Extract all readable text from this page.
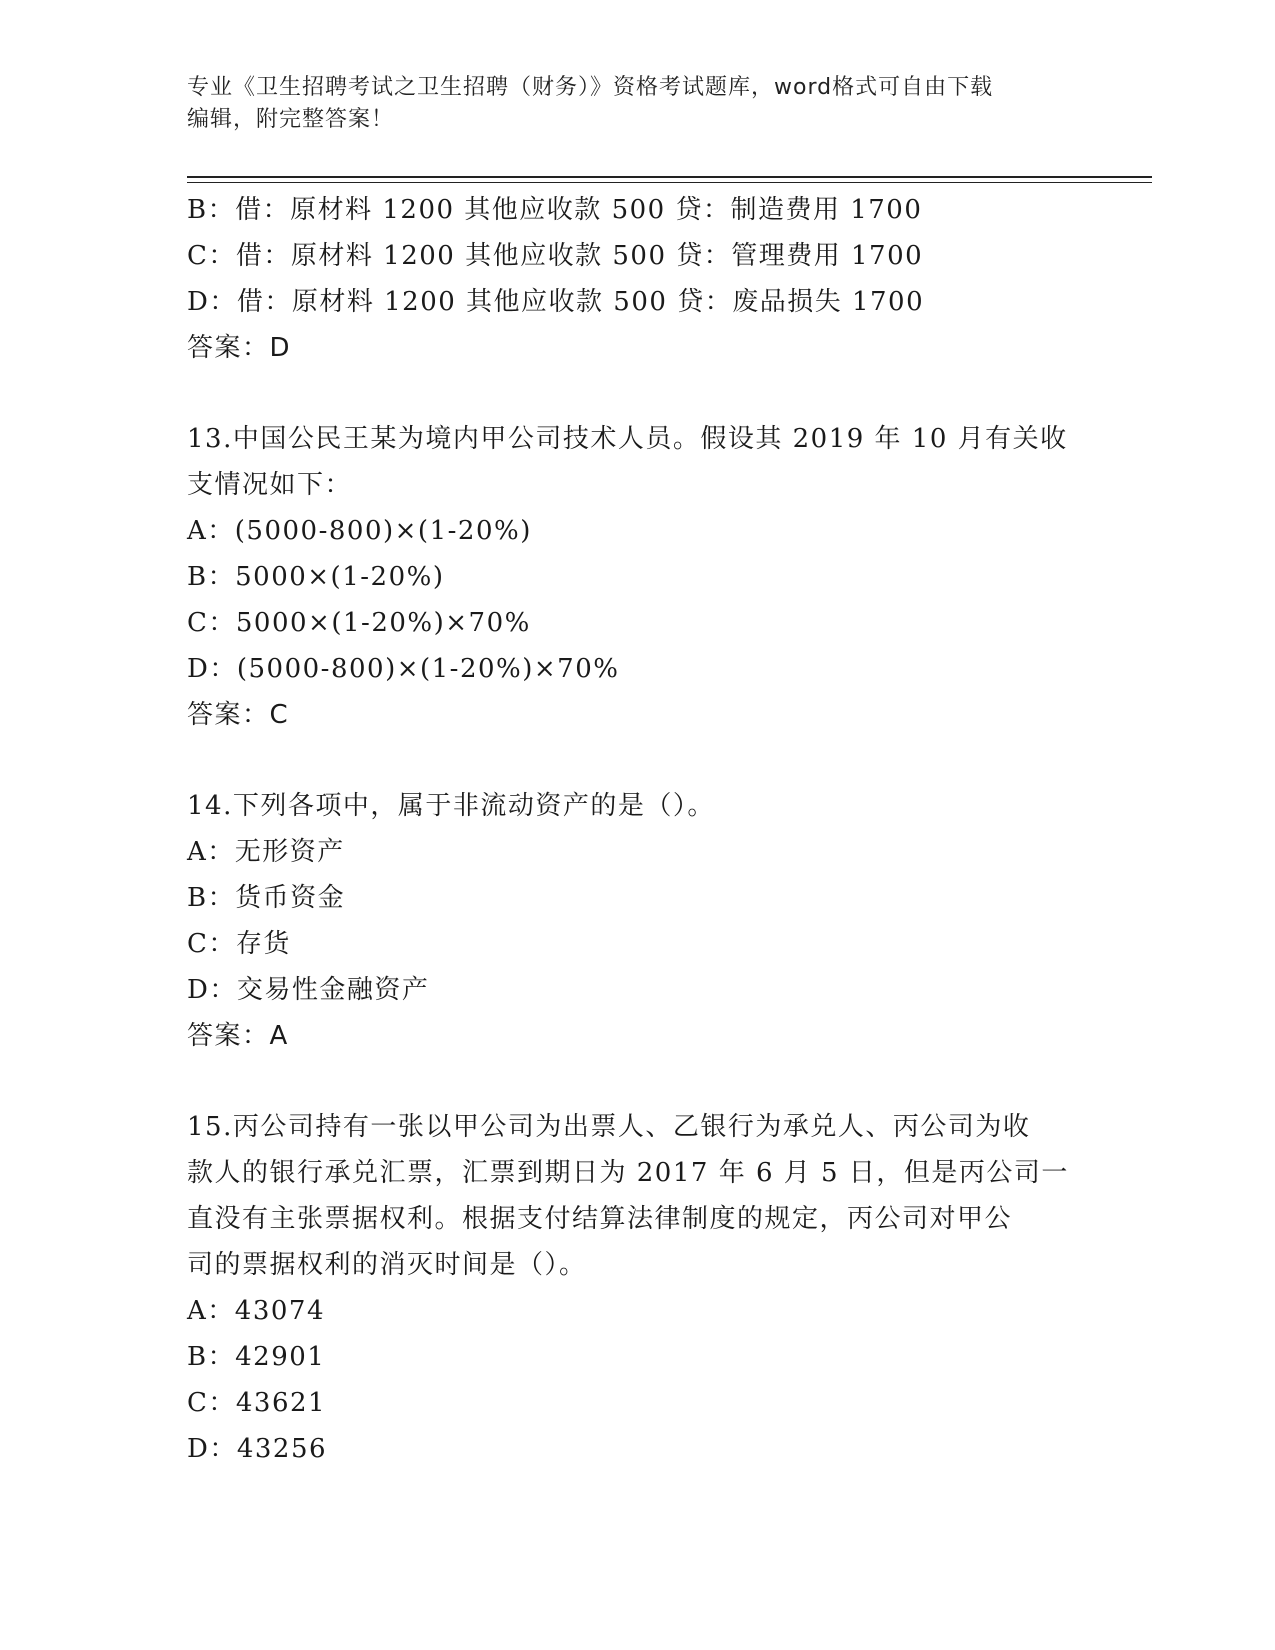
专业《卫生招聘考试之卫生招聘（财务）》资格考试题库，word格式可自由下载
编辑，附完整答案！
B：借：原材料 1200 其他应收款 500 贷：制造费用 1700
C：借：原材料 1200 其他应收款 500 贷：管理费用 1700
D：借：原材料 1200 其他应收款 500 贷：废品损失 1700
答案：D
13.中国公民王某为境内甲公司技术人员。假设其 2019 年 10 月有关收
支情况如下：
A：(5000-800)×(1-20%)
B：5000×(1-20%)
C：5000×(1-20%)×70%
D：(5000-800)×(1-20%)×70%
答案：C
14.下列各项中，属于非流动资产的是（）。
A：无形资产
B：货币资金
C：存货
D：交易性金融资产
答案：A
15.丙公司持有一张以甲公司为出票人、乙银行为承兑人、丙公司为收
款人的银行承兑汇票，汇票到期日为 2017 年 6 月 5 日，但是丙公司一
直没有主张票据权利。根据支付结算法律制度的规定，丙公司对甲公
司的票据权利的消灭时间是（）。
A：43074
B：42901
C：43621
D：43256
